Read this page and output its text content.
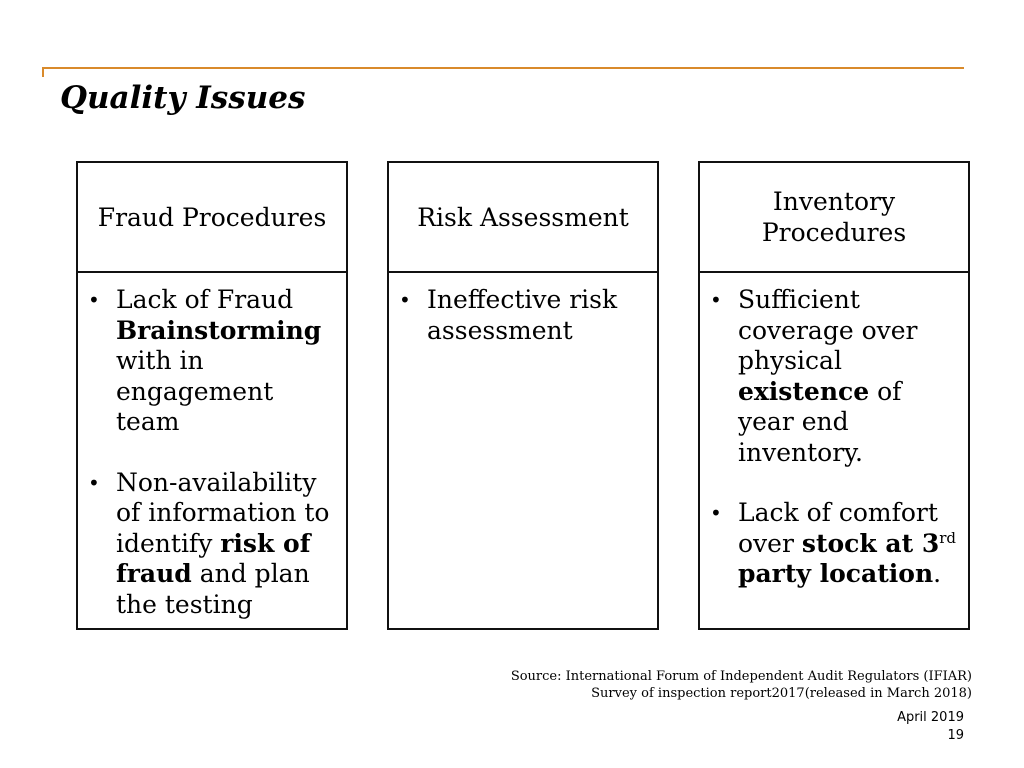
Quality Issues
Fraud Procedures
• Lack of Fraud Brainstorming with in engagement team
• Non-availability of information to identify risk of fraud and plan the testing
Risk Assessment
• Ineffective risk assessment
Inventory Procedures
• Sufficient coverage over physical existence of year end inventory.
• Lack of comfort over stock at 3rd party location.
Source: International Forum of Independent Audit Regulators (IFIAR)
Survey of inspection report2017(released in March 2018)
April 2019
19
